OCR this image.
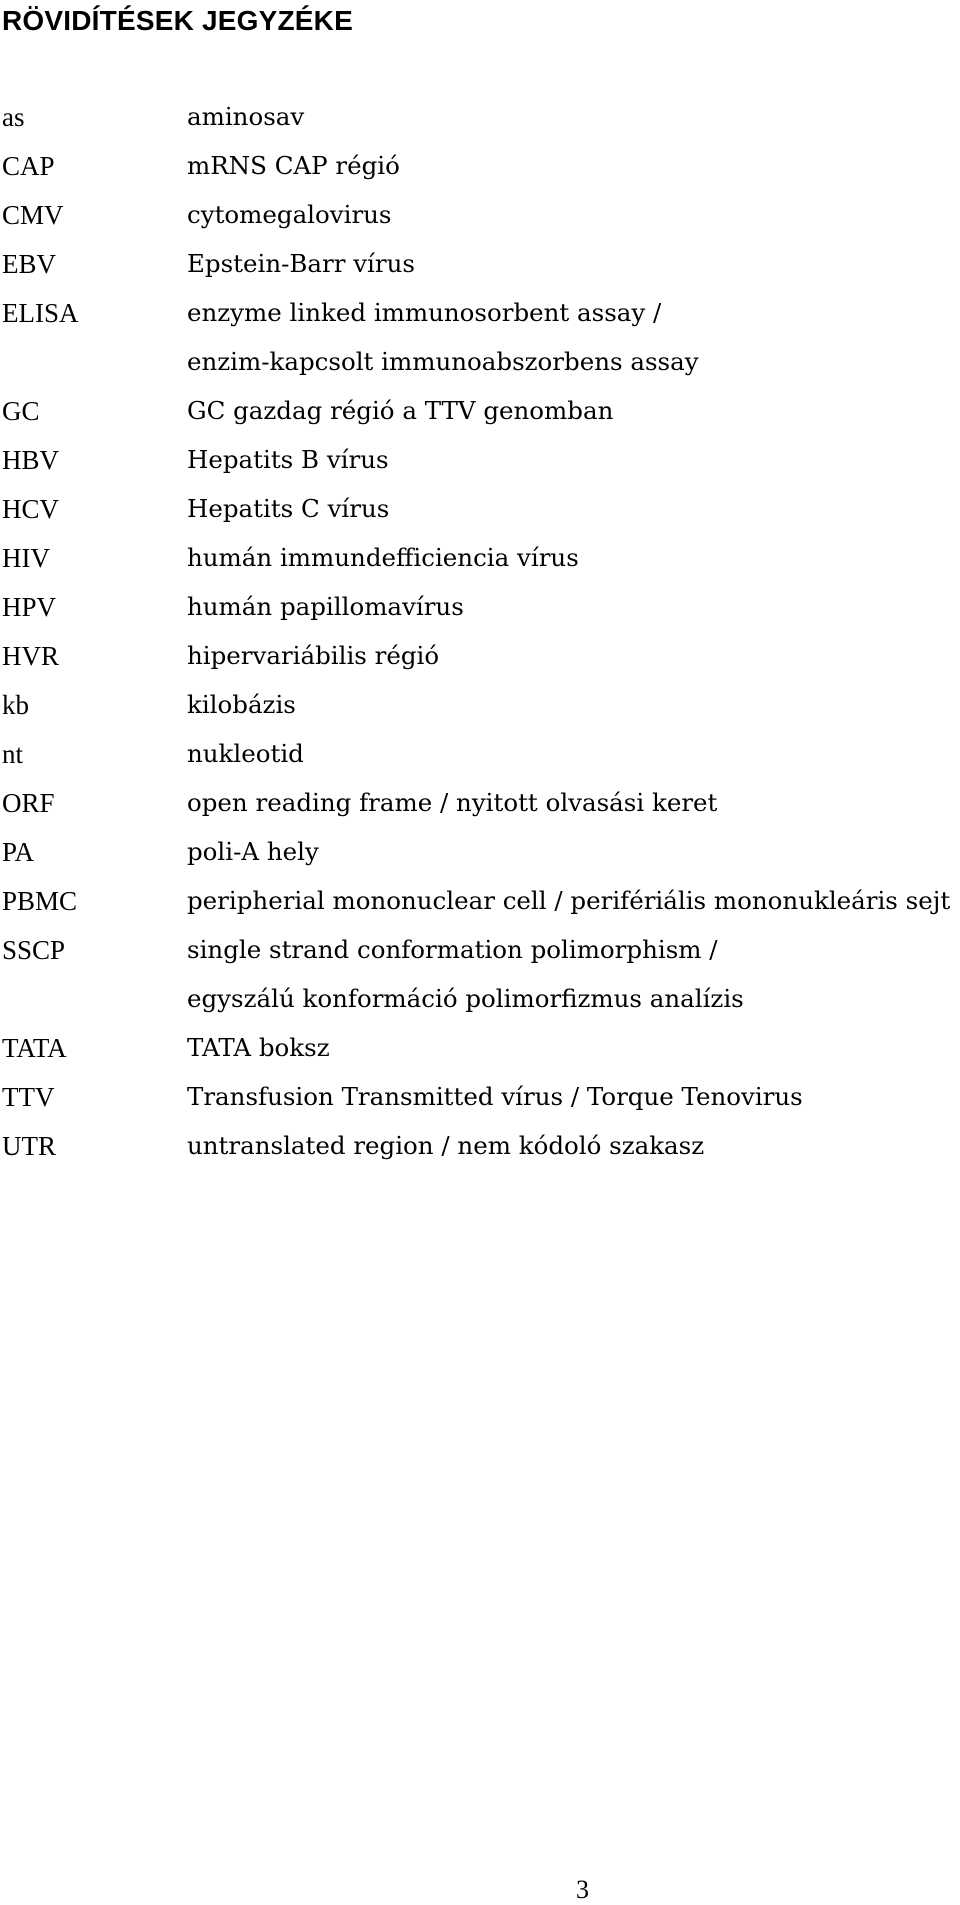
RÖVIDÍTÉSEK JEGYZÉKE
as	aminosav
CAP	mRNS CAP régió
CMV	cytomegalovirus
EBV	Epstein-Barr vírus
ELISA	enzyme linked immunosorbent assay /
enzim-kapcsolt immunoabszorbens assay
GC	GC gazdag régió a TTV genomban
HBV	Hepatits B vírus
HCV	Hepatits C vírus
HIV	humán immundefficiencia vírus
HPV	humán papillomavírus
HVR	hipervariábilis régió
kb	kilobázis
nt	nukleotid
ORF	open reading frame / nyitott olvasási keret
PA	poli-A hely
PBMC	peripherial mononuclear cell / perifériális mononukleáris sejt
SSCP	single strand conformation polimorphism /
egyszálú konformáció polimorfizmus analízis
TATA	TATA boksz
TTV	Transfusion Transmitted vírus / Torque Tenovirus
UTR	untranslated region / nem kódoló szakasz
3
